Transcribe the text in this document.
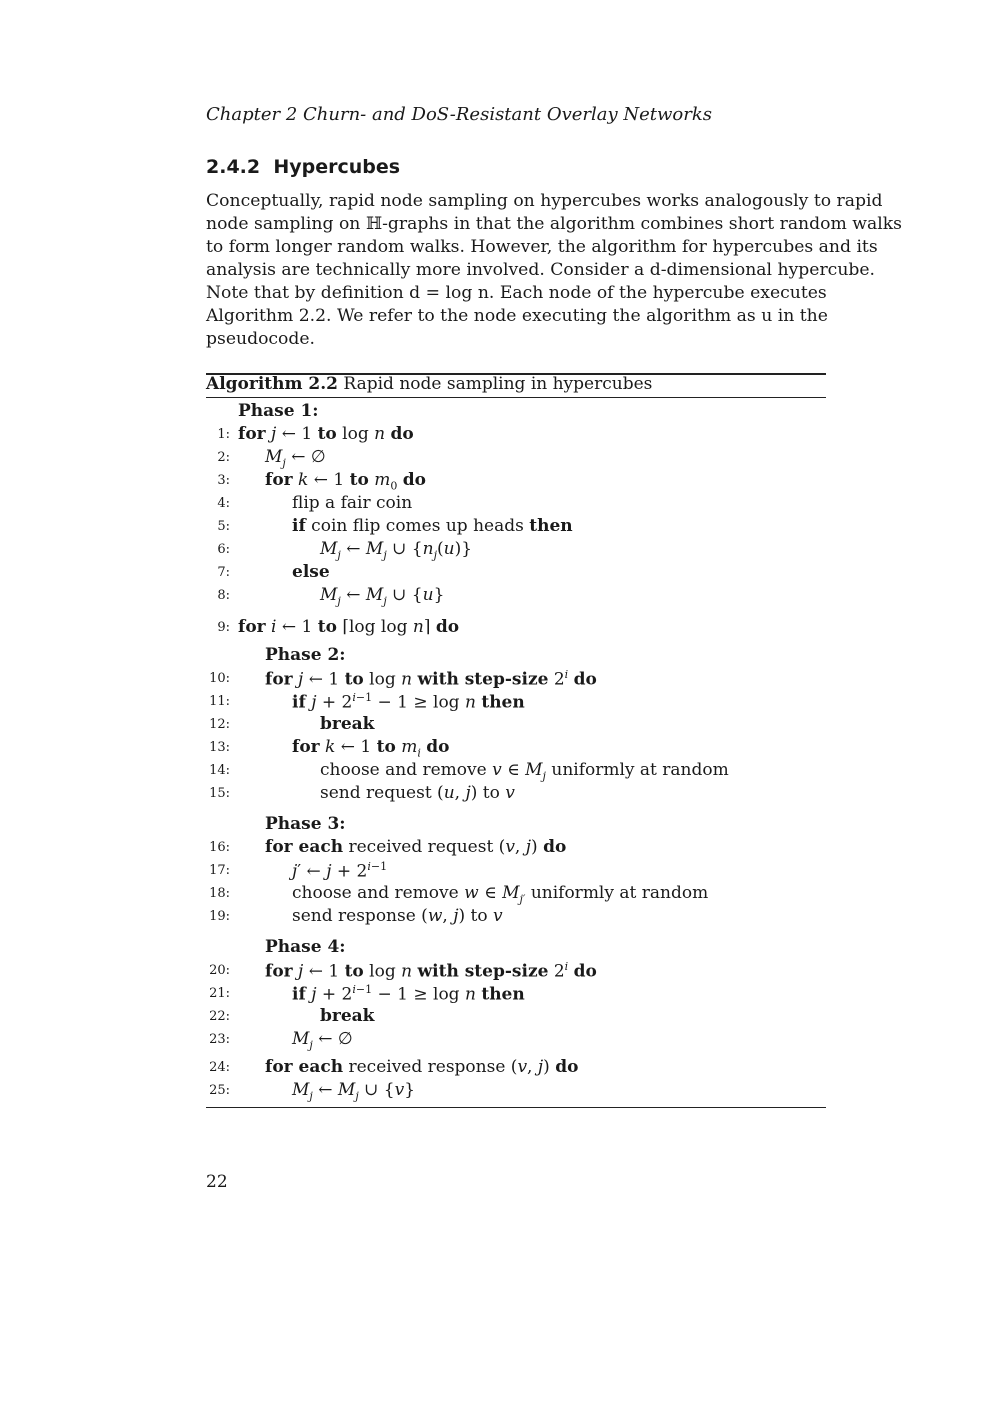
Chapter 2 Churn- and DoS-Resistant Overlay Networks
2.4.2 Hypercubes
Conceptually, rapid node sampling on hypercubes works analogously to rapid
node sampling on ℍ-graphs in that the algorithm combines short random walks
to form longer random walks. However, the algorithm for hypercubes and its
analysis are technically more involved. Consider a d-dimensional hypercube.
Note that by definition d = log n. Each node of the hypercube executes
Algorithm 2.2. We refer to the node executing the algorithm as u in the
pseudocode.
Algorithm 2.2 Rapid node sampling in hypercubes
Phase 1:
1: for j ← 1 to log n do
2: $M_j$ ← ∅
3: for k ← 1 to $m_0$ do
4:	flip a fair coin
5:	if coin flip comes up heads then
6:	$M_j$ ← $M_j$ ∪ $\{n_j(u)\}$
7:	else
8:	$M_j$ ← $M_j$ ∪ {u}
9: for i ← 1 to ⌈log log n⌉ do
Phase 2:
10: for j ← 1 to log n with step-size 2$^i$ do
11:	if $j + 2^{i-1} - 1 \ge \log n$ then
12:	break
13:	for k ← 1 to $m_i$ do
14:	choose and remove v ∈ $M_j$ uniformly at random
15:	send request (u, j) to v
Phase 3:
16: for each received request (v, j) do
17:	j′ ← $j + 2^{i-1}$
18:	choose and remove w ∈ $M_{j'}$ uniformly at random
19:	send response (w, j) to v
Phase 4:
20: for j ← 1 to log n with step-size 2$^i$ do
21:	if $j + 2^{i-1} - 1 \ge \log n$ then
22:	break
23:	$M_j$ ← ∅
24: for each received response (v, j) do
25:	$M_j$ ← $M_j$ ∪ {v}
22
